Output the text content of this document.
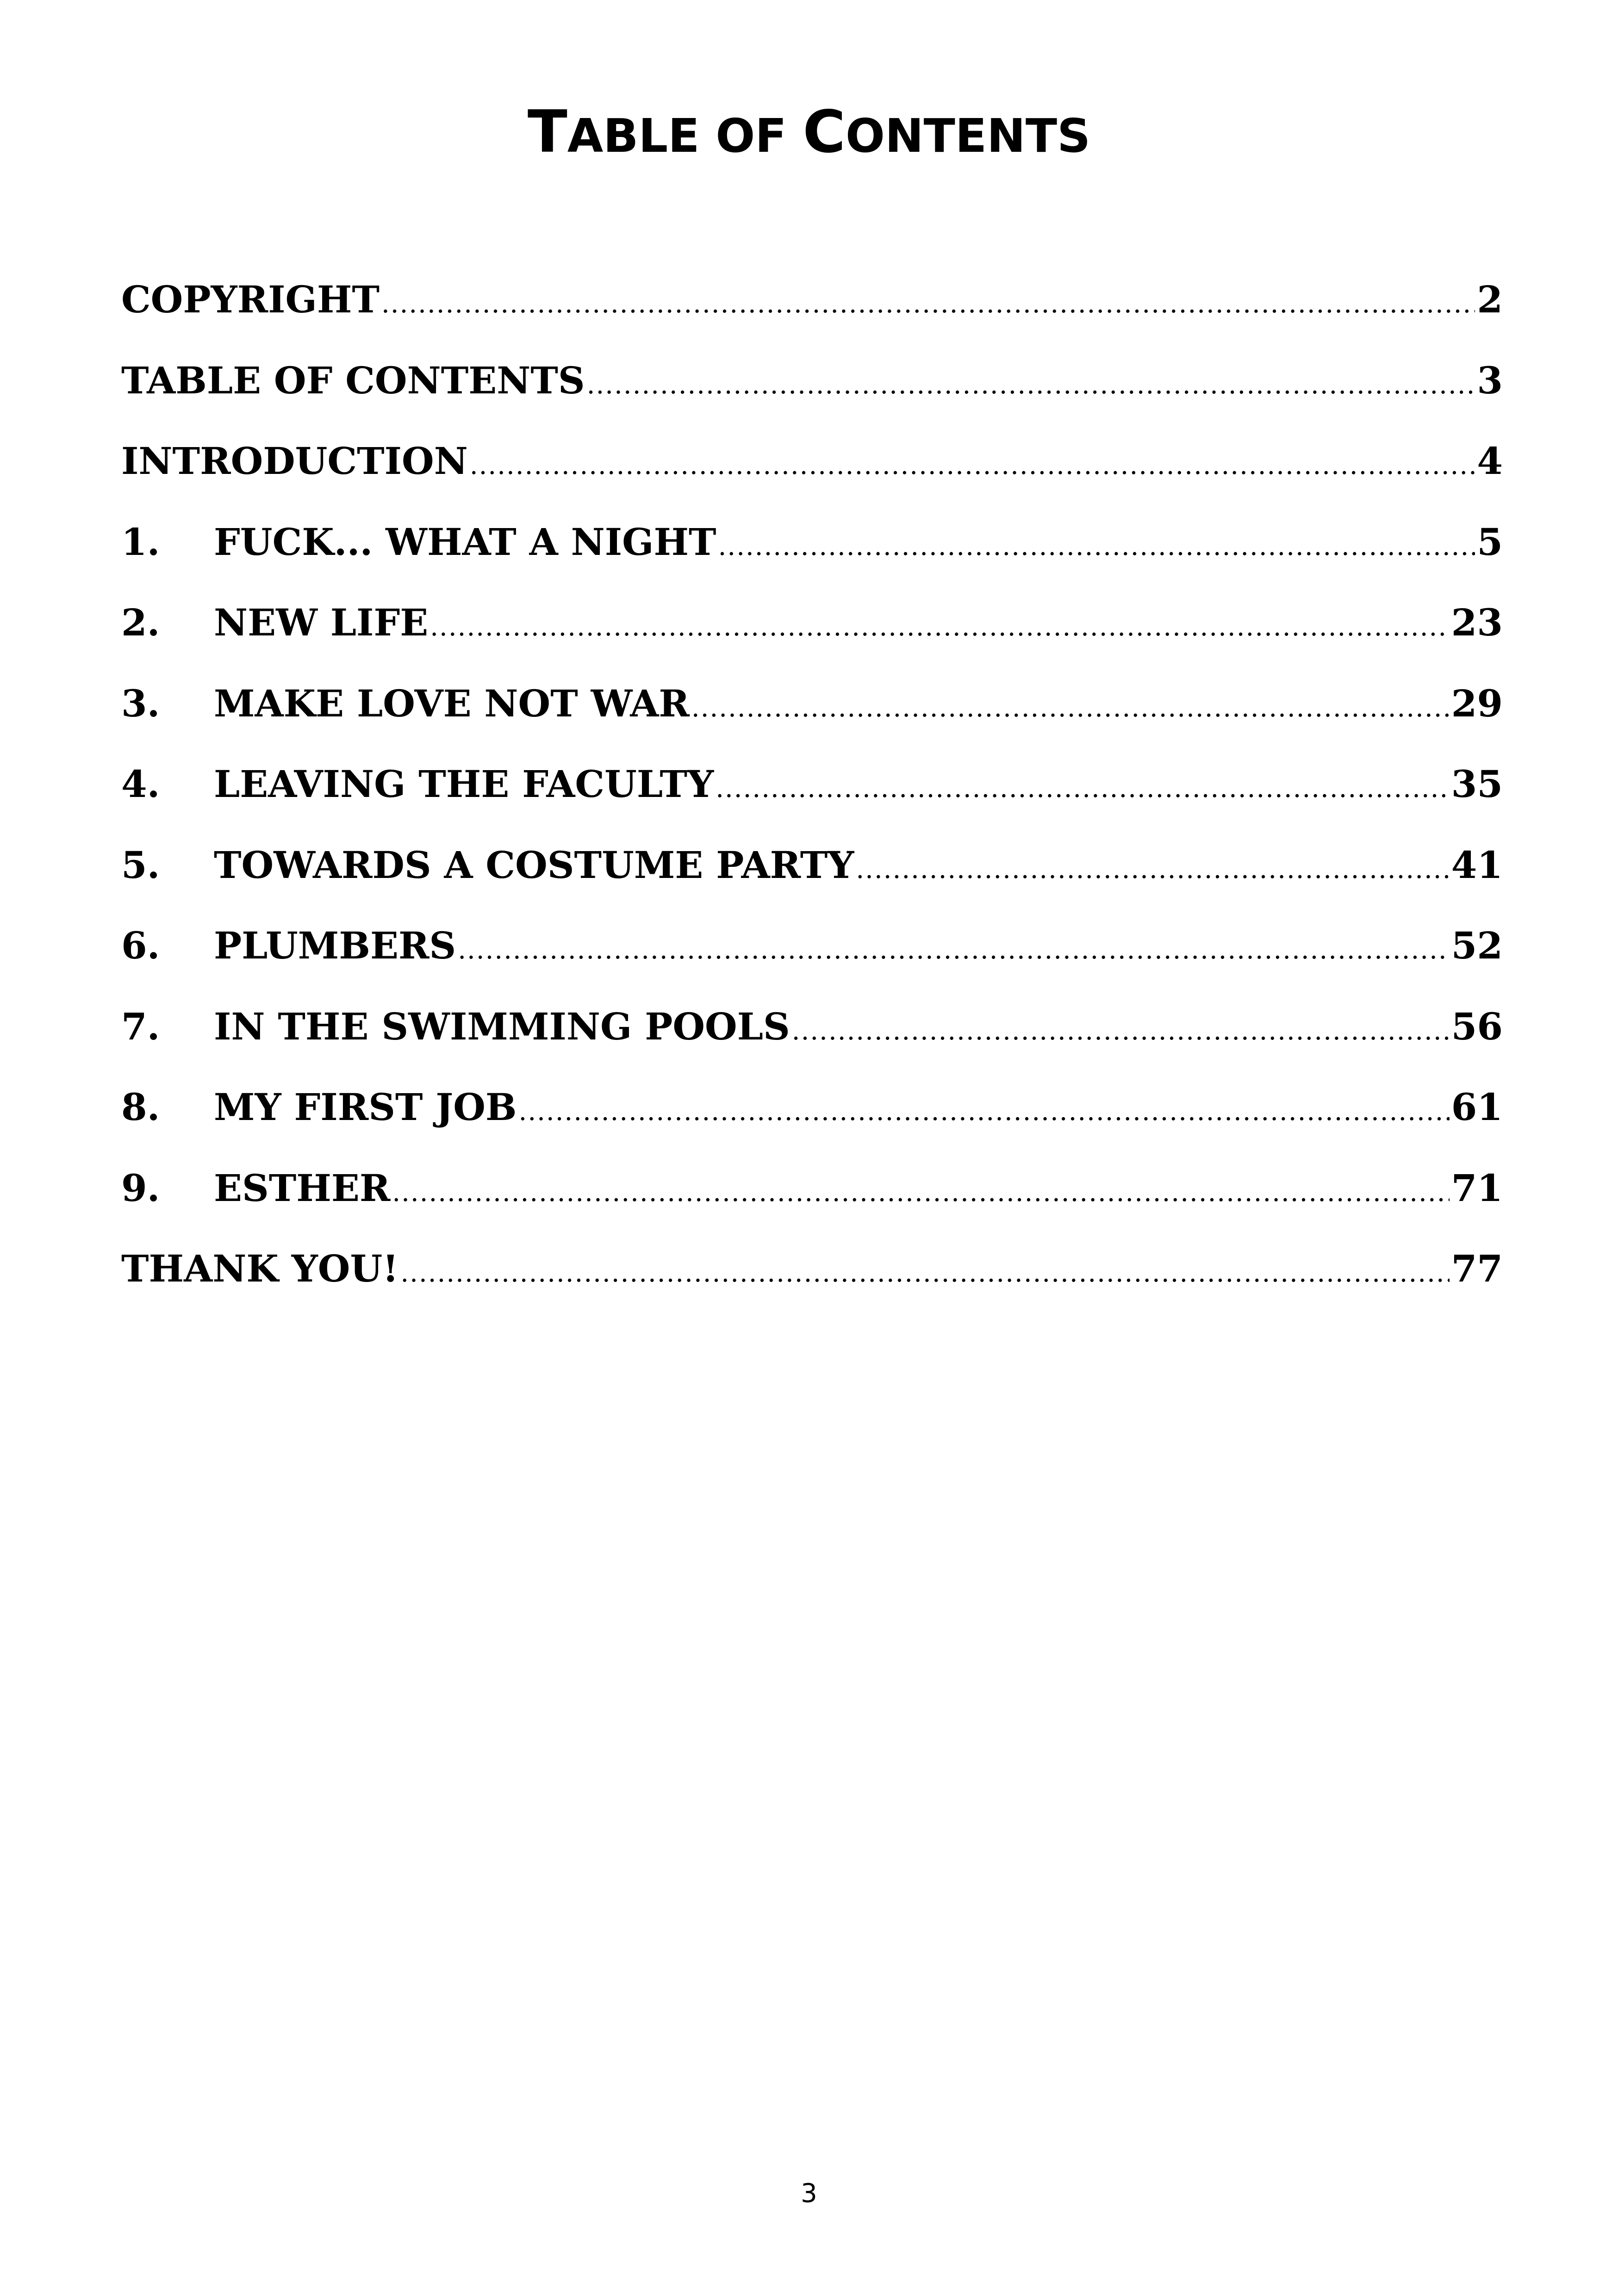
TABLE OF CONTENTS
COPYRIGHT .....	2
TABLE OF CONTENTS .....	3
INTRODUCTION .....	4
1.	FUCK... WHAT A NIGHT .....	5
2.	NEW LIFE .....	23
3.	MAKE LOVE NOT WAR .....	29
4.	LEAVING THE FACULTY .....	35
5.	TOWARDS A COSTUME PARTY .....	41
6.	PLUMBERS .....	52
7.	IN THE SWIMMING POOLS .....	56
8.	MY FIRST JOB .....	61
9.	ESTHER .....	71
THANK YOU! .....	77
3
